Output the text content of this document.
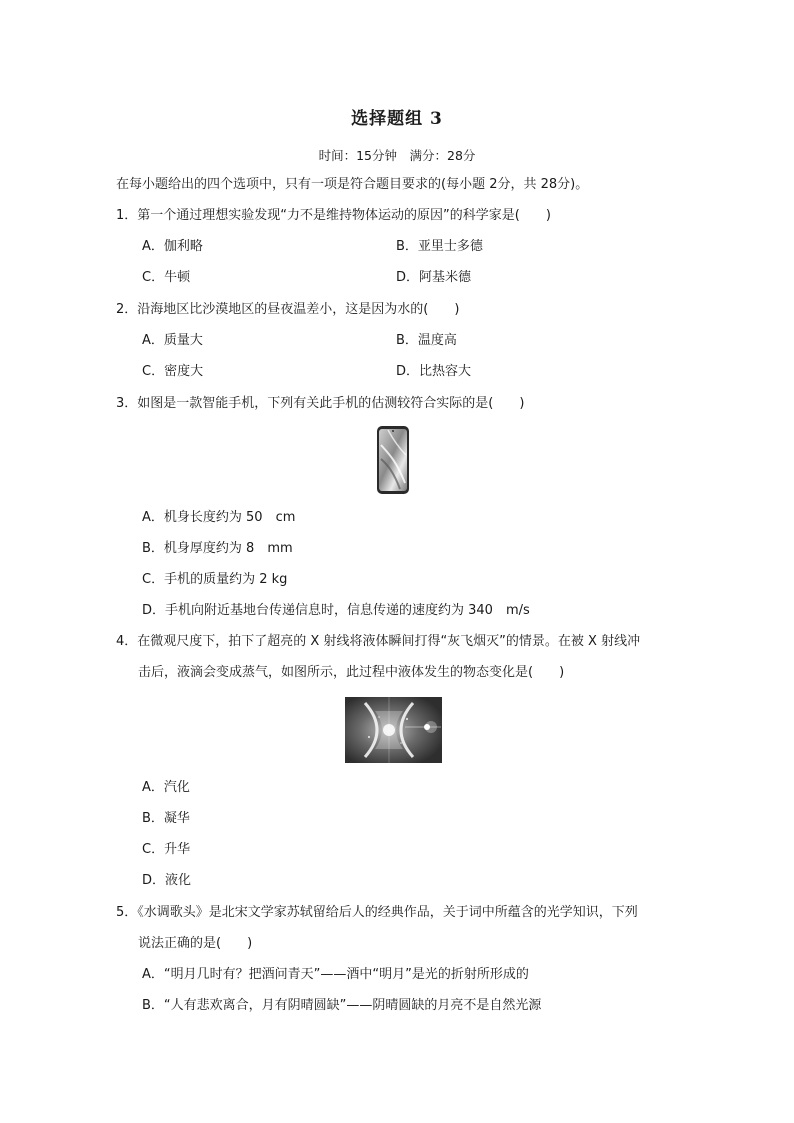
选择题组 3
时间：15分钟　满分：28分
在每小题给出的四个选项中，只有一项是符合题目要求的(每小题 2分，共 28分)。
1．第一个通过理想实验发现“力不是维持物体运动的原因”的科学家是(　　)
A．伽利略	B．亚里士多德
C．牛顿	D．阿基米德
2．沿海地区比沙漠地区的昼夜温差小，这是因为水的(　　)
A．质量大	B．温度高
C．密度大	D．比热容大
3．如图是一款智能手机，下列有关此手机的估测较符合实际的是(　　)
A．机身长度约为 50　cm
B．机身厚度约为 8　mm
C．手机的质量约为 2 kg
D．手机向附近基地台传递信息时，信息传递的速度约为 340　m/s
4．在微观尺度下，拍下了超亮的 X 射线将液体瞬间打得“灰飞烟灭”的情景。在被 X 射线冲
击后，液滴会变成蒸气，如图所示，此过程中液体发生的物态变化是(　　)
A．汽化
B．凝华
C．升华
D．液化
5．《水调歌头》是北宋文学家苏轼留给后人的经典作品，关于词中所蕴含的光学知识，下列
说法正确的是(　　)
A．“明月几时有？把酒问青天”——酒中“明月”是光的折射所形成的
B．“人有悲欢离合，月有阴晴圆缺”——阴晴圆缺的月亮不是自然光源
